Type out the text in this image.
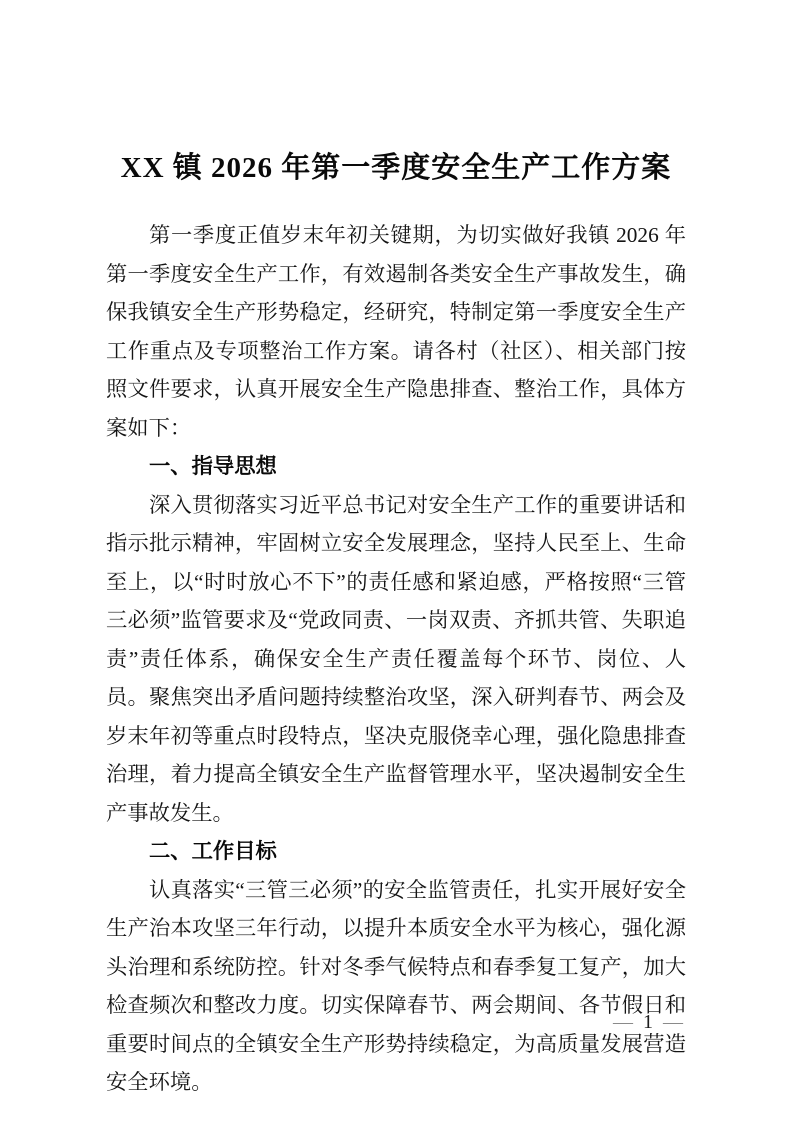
XX 镇 2026 年第一季度安全生产工作方案

第一季度正值岁末年初关键期，为切实做好我镇 2026 年第一季度安全生产工作，有效遏制各类安全生产事故发生，确保我镇安全生产形势稳定，经研究，特制定第一季度安全生产工作重点及专项整治工作方案。请各村（社区）、相关部门按照文件要求，认真开展安全生产隐患排查、整治工作，具体方案如下：

一、指导思想

深入贯彻落实习近平总书记对安全生产工作的重要讲话和指示批示精神，牢固树立安全发展理念，坚持人民至上、生命至上，以“时时放心不下”的责任感和紧迫感，严格按照“三管三必须”监管要求及“党政同责、一岗双责、齐抓共管、失职追责”责任体系，确保安全生产责任覆盖每个环节、岗位、人员。聚焦突出矛盾问题持续整治攻坚，深入研判春节、两会及岁末年初等重点时段特点，坚决克服侥幸心理，强化隐患排查治理，着力提高全镇安全生产监督管理水平，坚决遏制安全生产事故发生。

二、工作目标

认真落实“三管三必须”的安全监管责任，扎实开展好安全生产治本攻坚三年行动，以提升本质安全水平为核心，强化源头治理和系统防控。针对冬季气候特点和春季复工复产，加大检查频次和整改力度。切实保障春节、两会期间、各节假日和重要时间点的全镇安全生产形势持续稳定，为高质量发展营造安全环境。

— 1 —
